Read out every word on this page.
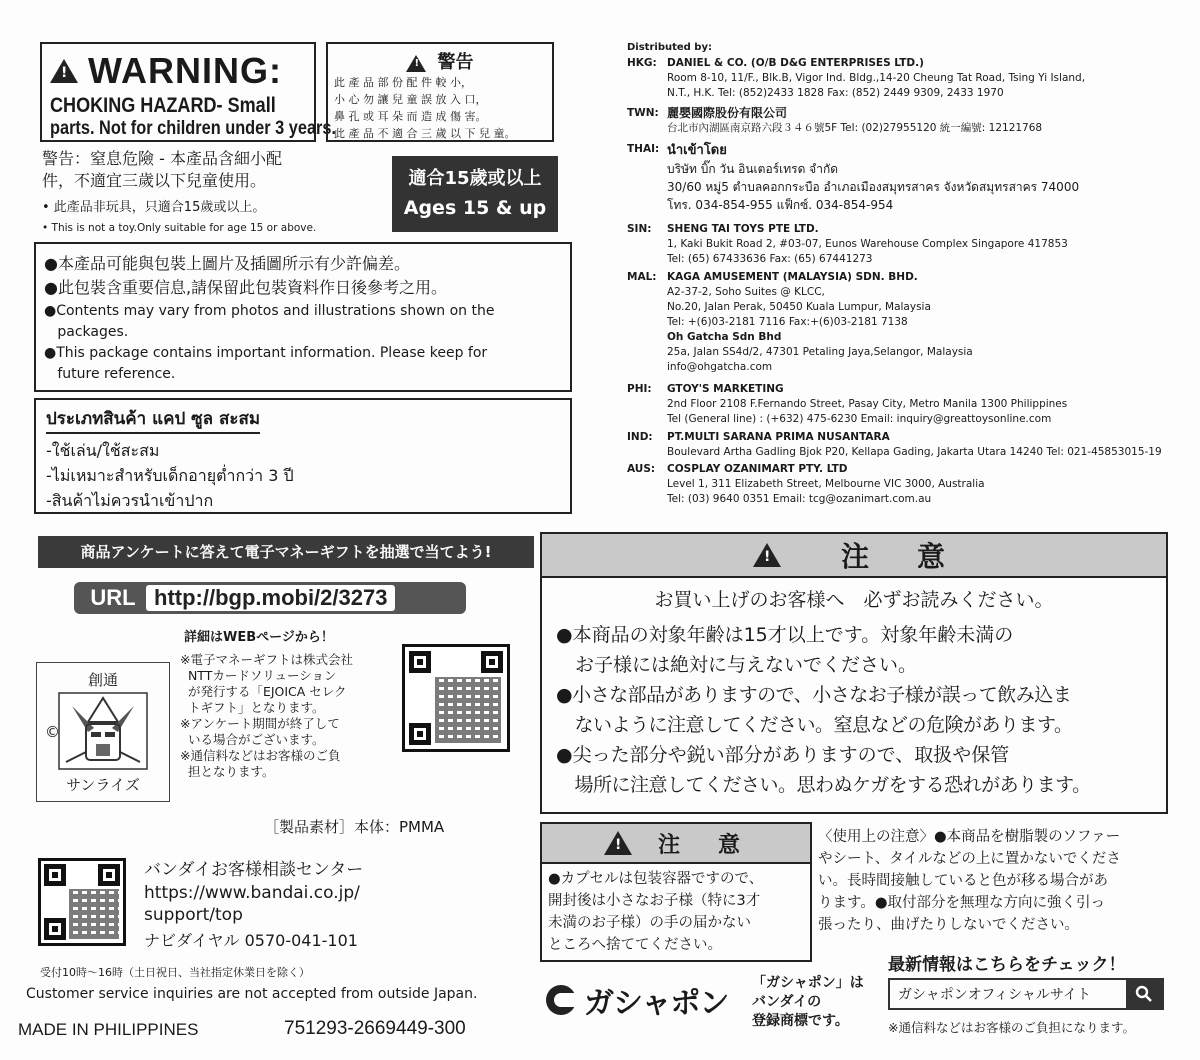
!
WARNING:
CHOKING HAZARD- Small
parts. Not for children under 3 years.
! 警告
此 產 品 部 份 配 件 較 小，
小 心 勿 讓 兒 童 誤 放 入 口，
鼻 孔 或 耳 朵 而 造 成 傷 害。
此 產 品 不 適 合 三 歲 以 下 兒 童。
警告：窒息危險 - 本產品含細小配
件，不適宜三歲以下兒童使用。
• 此產品非玩具，只適合15歲或以上。
• This is not a toy.Only suitable for age 15 or above.
適合15歲或以上
Ages 15 & up
●本產品可能與包裝上圖片及插圖所示有少許偏差。
●此包裝含重要信息,請保留此包裝資料作日後參考之用。
●Contents may vary from photos and illustrations shown on the
packages.
●This package contains important information. Please keep for
future reference.
ประเภทสินค้า แคป ซูล สะสม
-ใช้เล่น/ใช้สะสม
-ไม่เหมาะสำหรับเด็กอายุต่ำกว่า 3 ปี
-สินค้าไม่ควรนำเข้าปาก
Distributed by:
HKG: DANIEL & CO. (O/B D&G ENTERPRISES LTD.)
Room 8-10, 11/F., Blk.B, Vigor Ind. Bldg.,14-20 Cheung Tat Road, Tsing Yi Island,
N.T., H.K. Tel: (852)2433 1828 Fax: (852) 2449 9309, 2433 1970
TWN: 麗嬰國際股份有限公司
台北市內湖區南京路六段３４６號5F Tel: (02)27955120 統一編號: 12121768
THAI: นำเข้าโดย
บริษัท บิ๊ก วัน อินเตอร์เทรด จำกัด
30/60 หมู่5 ตำบลคอกกระบือ อำเภอเมืองสมุทรสาคร จังหวัดสมุทรสาคร 74000
โทร. 034-854-955 แฟ็กซ์. 034-854-954
SIN: SHENG TAI TOYS PTE LTD.
1, Kaki Bukit Road 2, #03-07, Eunos Warehouse Complex Singapore 417853
Tel: (65) 67433636 Fax: (65) 67441273
MAL: KAGA AMUSEMENT (MALAYSIA) SDN. BHD.
A2-37-2, Soho Suites @ KLCC,
No.20, Jalan Perak, 50450 Kuala Lumpur, Malaysia
Tel: +(6)03-2181 7116 Fax:+(6)03-2181 7138
Oh Gatcha Sdn Bhd
25a, Jalan SS4d/2, 47301 Petaling Jaya,Selangor, Malaysia
info@ohgatcha.com
PHI: GTOY'S MARKETING
2nd Floor 2108 F.Fernando Street, Pasay City, Metro Manila 1300 Philippines
Tel (General line) : (+632) 475-6230 Email: inquiry@greattoysonline.com
IND: PT.MULTI SARANA PRIMA NUSANTARA
Boulevard Artha Gadling Bjok P20, Kellapa Gading, Jakarta Utara 14240 Tel: 021-45853015-19
AUS: COSPLAY OZANIMART PTY. LTD
Level 1, 311 Elizabeth Street, Melbourne VIC 3000, Australia
Tel: (03) 9640 0351 Email: tcg@ozanimart.com.au
商品アンケートに答えて電子マネーギフトを抽選で当てよう!
URL http://bgp.mobi/2/3273
詳細はWEBページから！
創通
©
サンライズ
※電子マネーギフトは株式会社
NTTカードソリューション
が発行する「EJOICA セレク
トギフト」となります。
※アンケート期間が終了して
いる場合がございます。
※通信料などはお客様のご負
担となります。
［製品素材］本体：PMMA
バンダイお客様相談センター
https://www.bandai.co.jp/
support/top
ナビダイヤル 0570-041-101
受付10時～16時（土日祝日、当社指定休業日を除く）
Customer service inquiries are not accepted from outside Japan.
MADE IN PHILIPPINES	751293-2669449-300
!
注　意
お買い上げのお客様へ　必ずお読みください。
●本商品の対象年齢は15才以上です。対象年齢未満の
　お子様には絶対に与えないでください。
●小さな部品がありますので、小さなお子様が誤って飲み込ま
　ないように注意してください。窒息などの危険があります。
●尖った部分や鋭い部分がありますので、取扱や保管
　場所に注意してください。思わぬケガをする恐れがあります。
!
注　意
●カプセルは包装容器ですので、
開封後は小さなお子様（特に3才
未満のお子様）の手の届かない
ところへ捨ててください。
〈使用上の注意〉●本商品を樹脂製のソファー
やシート、タイルなどの上に置かないでくださ
い。長時間接触していると色が移る場合があ
ります。●取付部分を無理な方向に強く引っ
張ったり、曲げたりしないでください。
ガシャポン
「ガシャポン」は
バンダイの
登録商標です。
最新情報はこちらをチェック！
ガシャポンオフィシャルサイト
※通信料などはお客様のご負担になります。
